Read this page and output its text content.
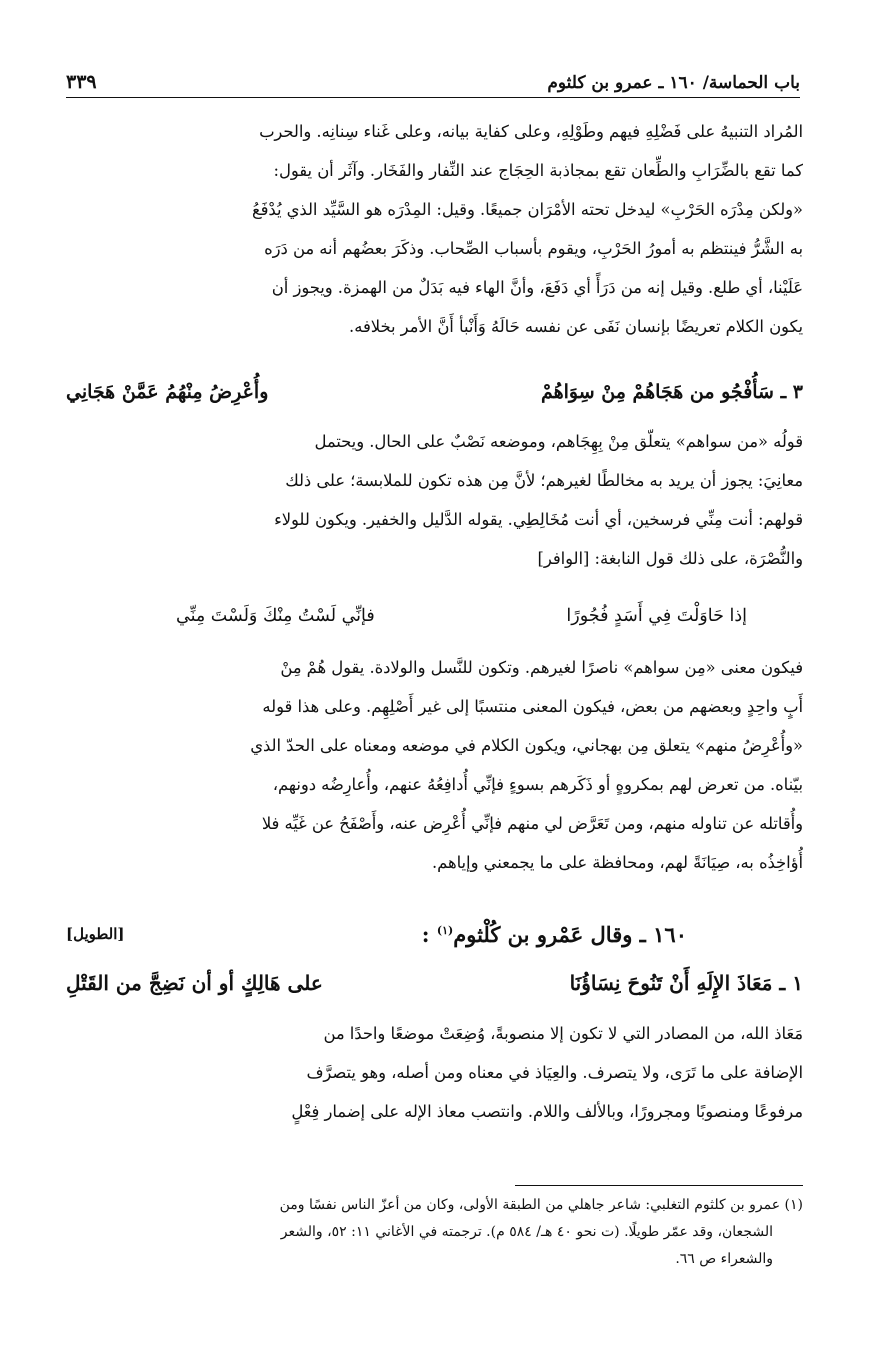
باب الحماسة/ ١٦٠ ـ عمرو بن كلثوم
٣٣٩

المُراد التنبيهُ على فَضْلِهِ فيهم وطَوْلِهِ، وعلى كفاية بيانه، وعلى غَناء سِنانِه. والحرب
كما تقع بالضِّرَابِ والطِّعان تقع بمجاذبة الحِجَاج عند النِّفار والفَخَار. وآثَر أن يقول:
«ولكن مِدْرَه الحَرْبِ» ليدخل تحته الأمْرَان جميعًا. وقيل: المِدْرَه هو السَّيِّد الذي يُدْفَعُ
به الشَّرُّ فينتظم به أمورُ الحَرْبِ، ويقوم بأسباب الصِّحاب. وذكَرَ بعضُهم أنه من دَرَه
عَلَيْنا، أي طلع. وقيل إنه من دَرَأً أي دَفَعَ، وأنَّ الهاء فيه بَدَلٌ من الهمزة. ويجوز أن
يكون الكلام تعريضًا بإنسان نَفَى عن نفسه حَالَهُ وَأَنْبأ أَنَّ الأمر بخلافه.

٣ ـ سَأُفْجُو من هَجَاهُمْ مِنْ سِوَاهُمْ
وأُعْرِضُ مِنْهُمُ عَمَّنْ هَجَانِي

قولُه «من سواهم» يتعلّق مِنْ بِهِجَاهم، وموضعه نَصْبٌ على الحال. ويحتمل
معانِيَ: يجوز أن يريد به مخالطًا لغيرهم؛ لأنَّ مِن هذه تكون للملابسة؛ على ذلك
قولهم: أنت مِنِّي فرسخين، أي أنت مُخَالِطِي. يقوله الدَّليل والخفير. ويكون للولاء
والنُّصْرَة، على ذلك قول النابغة: [الوافر]

إذا حَاوَلْتَ فِي أَسَدٍ فُجُورًا
فإنِّي لَسْتُ مِنْكَ وَلَسْتَ مِنِّي

فيكون معنى «مِن سواهم» ناصرًا لغيرهم. وتكون للنَّسل والولادة. يقول هُمْ مِنْ
أَبٍ واحِدٍ وبعضهم من بعض، فيكون المعنى منتسبًا إلى غير أَصْلِهِم. وعلى هذا قوله
«وأُعْرِضُ منهم» يتعلق مِن بهجاني، ويكون الكلام في موضعه ومعناه على الحدّ الذي
بيّناه. من تعرض لهم بمكروهٍ أو ذَكَرهم بسوءٍ فإنِّي أُدافِعُهُ عنهم، وأُعارِضُه دونهم،
وأُقاتله عن تناوله منهم، ومن تَعَرَّض لي منهم فإنِّي أُعْرِض عنه، وأَصْفَحُ عن غَيِّه فلا
أُؤاخِذُه به، صِيَانَةً لهم، ومحافظة على ما يجمعني وإياهم.

١٦٠ ـ وقال عَمْرو بن كُلْثوم$^{(١)}$ :
[الطويل]
١ ـ مَعَاذَ الإِلَهِ أَنْ تَنُوحَ نِسَاؤُنَا
على هَالِكٍ أو أن نَضِجَّ من القَتْلِ

مَعَاذ الله، من المصادر التي لا تكون إلا منصوبةً، وُضِعَتْ موضعًا واحدًا من
الإضافة على ما تَرَى، ولا يتصرف. والعِيَاذ في معناه ومن أصله، وهو يتصرَّف
مرفوعًا ومنصوبًا ومجرورًا، وبالألف واللام. وانتصب معاذ الإله على إضمار فِعْلٍ

(١) عمرو بن كلثوم التغلبي: شاعر جاهلي من الطبقة الأولى، وكان من أعزّ الناس نفسًا ومن
الشجعان، وقد عمّر طويلًا. (ت نحو ٤٠ هـ/ ٥٨٤ م). ترجمته في الأغاني ١١: ٥٢، والشعر
والشعراء ص ٦٦.
